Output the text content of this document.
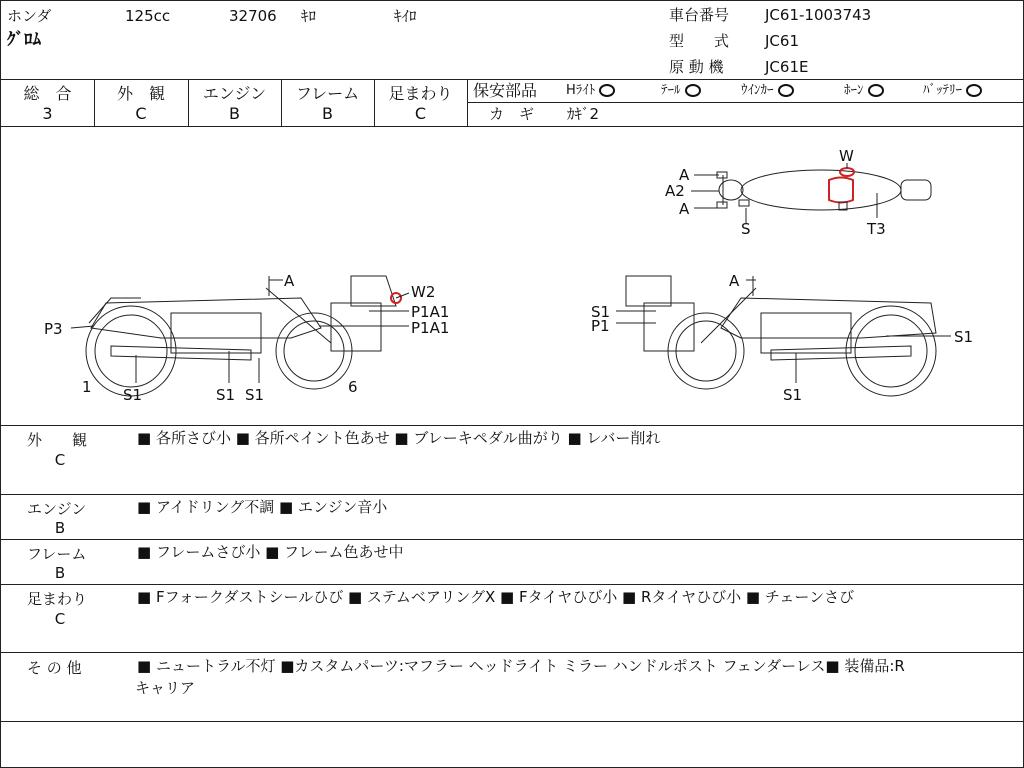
ホンダ	125cc	32706 ｷﾛ	ｷｲﾛ
ｸﾞﾛﾑ
車台番号 JC61-1003743
型　　式 JC61
原 動 機	JC61E
総　合
3
外　観
C
エンジン
B
フレーム
B
足まわり
C
保安部品 Hﾗｲﾄ	ﾃｰﾙ	ｳｲﾝｶｰ	ﾎｰﾝ	ﾊﾞｯﾃﾘｰ
カ　ギ ｶｷﾞ2
A
A2
A
S
W
T3
A
W2
P1A1
P1A1
P3
1 S1	S1 S1	6
A
S1
P1
S1
S1
外　　観
C
■ 各所さび小 ■ 各所ペイント色あせ ■ ブレーキペダル曲がり ■ レバー削れ
エンジン
B
■ アイドリング不調 ■ エンジン音小
フレーム
B
■ フレームさび小 ■ フレーム色あせ中
足まわり
C
■ Fフォークダストシールひび ■ ステムベアリングX ■ Fタイヤひび小 ■ Rタイヤひび小 ■ チェーンさび
そ の 他	■ ニュートラル不灯 ■カスタムパーツ:マフラー ヘッドライト ミラー ハンドルポスト フェンダーレス■ 装備品:R
キャリア
